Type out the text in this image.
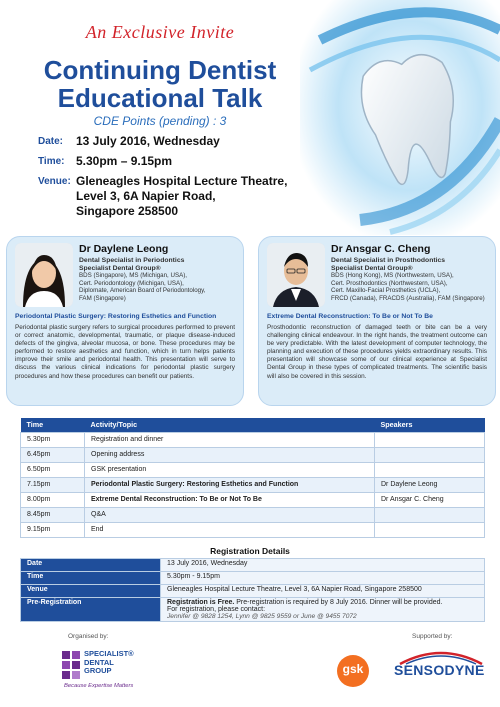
An Exclusive Invite
Continuing Dentist
Educational Talk
CDE Points (pending) : 3
Date: 13 July 2016, Wednesday
Time: 5.30pm – 9.15pm
Venue: Gleneagles Hospital Lecture Theatre,
Level 3, 6A Napier Road,
Singapore 258500
Dr Daylene Leong
Dental Specialist in Periodontics
Specialist Dental Group®
BDS (Singapore), MS (Michigan, USA),
Cert. Periodontology (Michigan, USA),
Diplomate, American Board of Periodontology,
FAM (Singapore)
Periodontal Plastic Surgery: Restoring Esthetics and Function
Periodontal plastic surgery refers to surgical procedures performed to prevent or correct anatomic, developmental, traumatic, or plaque disease-induced defects of the gingiva, alveolar mucosa, or bone. These procedures may be performed to restore aesthetics and function, which in turn helps patients improve their smile and periodontal health. This presentation will serve to discuss the various clinical indications for periodontal plastic surgery procedures and how these procedures can benefit our patients.
Dr Ansgar C. Cheng
Dental Specialist in Prosthodontics
Specialist Dental Group®
BDS (Hong Kong), MS (Northwestern, USA),
Cert. Prosthodontics (Northwestern, USA),
Cert. Maxillo-Facial Prosthetics (UCLA),
FRCD (Canada), FRACDS (Australia), FAM (Singapore)
Extreme Dental Reconstruction: To Be or Not To Be
Prosthodontic reconstruction of damaged teeth or bite can be a very challenging clinical endeavour. In the right hands, the treatment outcome can be very predictable. With the latest development of computer technology, the planning and execution of these procedures yields extraordinary results. This presentation will showcase some of our clinical experience at Specialist Dental Group in these types of complicated treatments. The scientific basis will also be covered in this session.
Time	Activity/Topic	Speakers
5.30pm	Registration and dinner	
6.45pm	Opening address	
6.50pm	GSK presentation	
7.15pm	Periodontal Plastic Surgery: Restoring Esthetics and Function	Dr Daylene Leong
8.00pm	Extreme Dental Reconstruction: To Be or Not To Be	Dr Ansgar C. Cheng
8.45pm	Q&A	
9.15pm	End	
Registration Details
Date	13 July 2016, Wednesday
Time	5.30pm - 9.15pm
Venue	Gleneagles Hospital Lecture Theatre, Level 3, 6A Napier Road, Singapore 258500
Pre-Registration	Registration is Free. Pre-registration is required by 8 July 2016. Dinner will be provided.
For registration, please contact:
Jennifer @ 9828 1254, Lynn @ 9825 9559 or June @ 9455 7072
Organised by:	Supported by:
SPECIALIST®
DENTAL
GROUP
Because Expertise Matters
gsk	SENSODYNE
